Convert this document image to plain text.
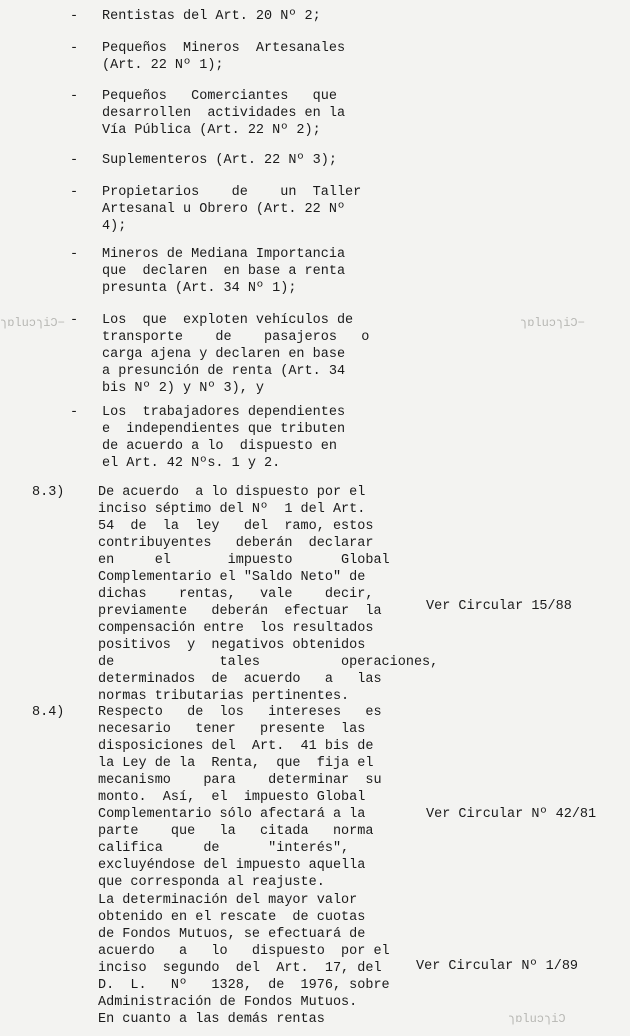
ɿɒluɔɿiƆ−	ɿɒluɔɿiƆ−
ɿɒluɔɿiƆ
- Rentistas del Art. 20 Nº 2;
- Pequeños  Mineros  Artesanales
(Art. 22 Nº 1);
- Pequeños   Comerciantes   que
desarrollen  actividades en la
Vía Pública (Art. 22 Nº 2);
- Suplementeros (Art. 22 Nº 3);
- Propietarios    de    un  Taller
Artesanal u Obrero (Art. 22 Nº
4);
- Mineros de Mediana Importancia
que  declaren  en base a renta
presunta (Art. 34 Nº 1);
- Los  que  exploten vehículos de
transporte    de    pasajeros   o
carga ajena y declaren en base
a presunción de renta (Art. 34
bis Nº 2) y Nº 3), y
- Los  trabajadores dependientes
e  independientes que tributen
de acuerdo a lo  dispuesto en
el Art. 42 Nºs. 1 y 2.
8.3) De acuerdo  a lo dispuesto por el
inciso séptimo del Nº  1 del Art.
54  de  la  ley   del  ramo, estos
contribuyentes   deberán  declarar
en     el       impuesto      Global
Complementario el "Saldo Neto" de
dichas    rentas,   vale    decir,
previamente   deberán  efectuar  la
compensación entre  los resultados
positivos  y  negativos obtenidos
de             tales          operaciones,
determinados  de  acuerdo   a   las
normas tributarias pertinentes.
8.4) Respecto   de  los   intereses   es
necesario   tener   presente  las
disposiciones del  Art.  41 bis de
la Ley de la  Renta,  que  fija el
mecanismo    para    determinar  su
monto.  Así,  el  impuesto Global
Complementario sólo afectará a la
parte    que   la   citada   norma
califica     de      "interés",
excluyéndose del impuesto aquella
que corresponda al reajuste.
La determinación del mayor valor
obtenido en el rescate  de cuotas
de Fondos Mutuos, se efectuará de
acuerdo   a   lo   dispuesto  por el
inciso  segundo  del  Art.  17, del
D.  L.   Nº   1328,  de  1976, sobre
Administración de Fondos Mutuos.
En cuanto a las demás rentas
Ver Circular 15/88
Ver Circular Nº 42/81
Ver Circular Nº 1/89
